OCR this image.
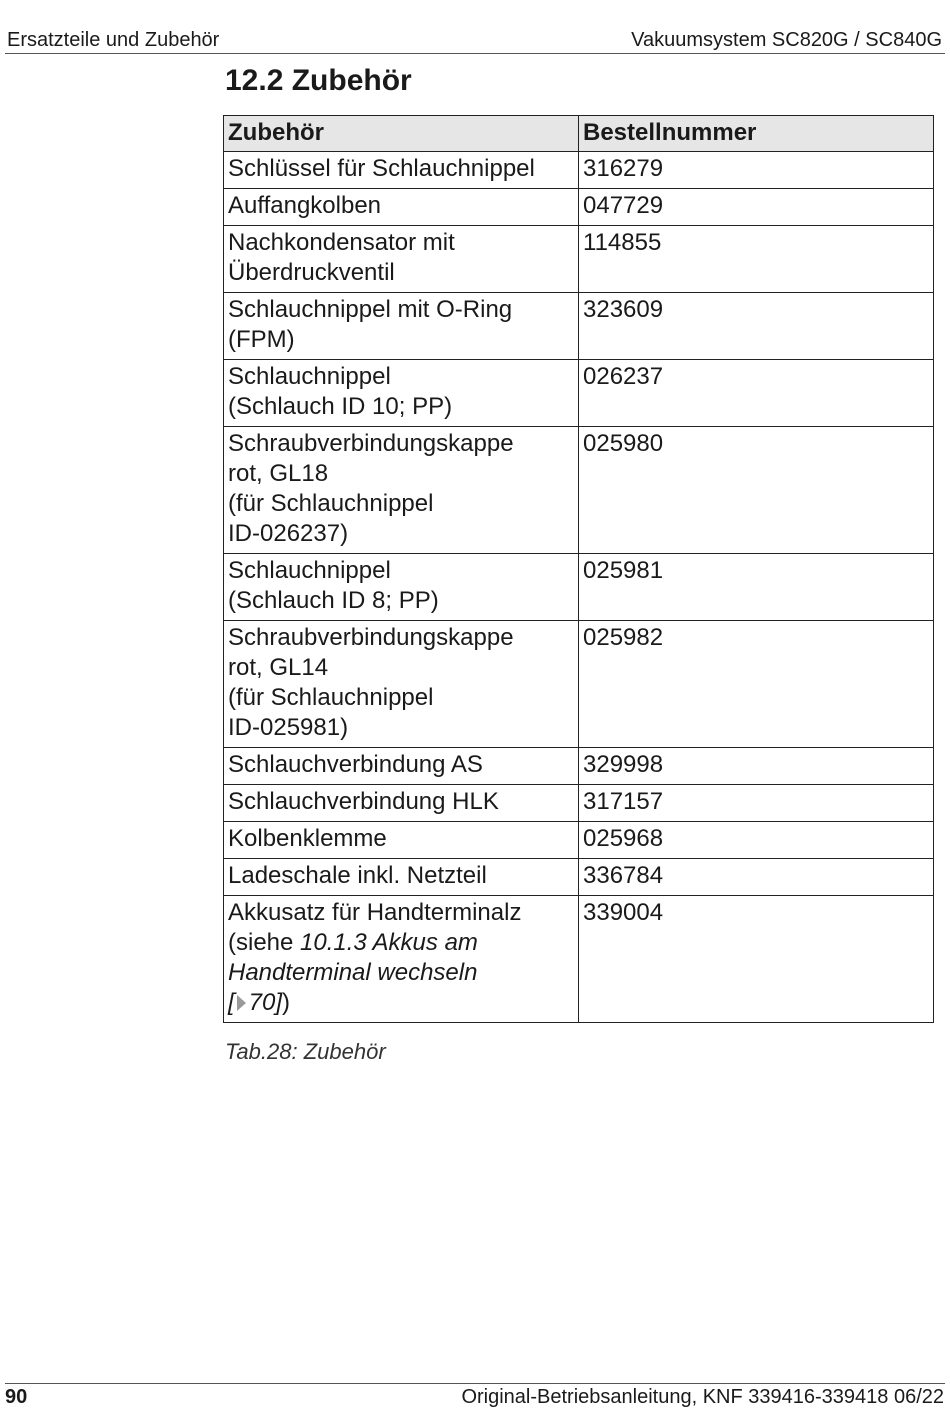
Ersatzteile und Zubehör	Vakuumsystem SC820G / SC840G
12.2 Zubehör
Zubehör	Bestellnummer
Schlüssel für Schlauchnippel	316279
Auffangkolben	047729
Nachkondensator mit
Überdruckventil	114855
Schlauchnippel mit O-Ring
(FPM)	323609
Schlauchnippel
(Schlauch ID 10; PP)	026237
Schraubverbindungskappe
rot, GL18
(für Schlauchnippel
ID-026237)	025980
Schlauchnippel
(Schlauch ID 8; PP)	025981
Schraubverbindungskappe
rot, GL14
(für Schlauchnippel
ID-025981)	025982
Schlauchverbindung AS	329998
Schlauchverbindung HLK	317157
Kolbenklemme	025968
Ladeschale inkl. Netzteil	336784
Akkusatz für Handterminalz
(siehe 10.1.3 Akkus am
Handterminal wechseln
[ 70])	339004
Tab.28: Zubehör
90	Original-Betriebsanleitung, KNF 339416-339418 06/22
